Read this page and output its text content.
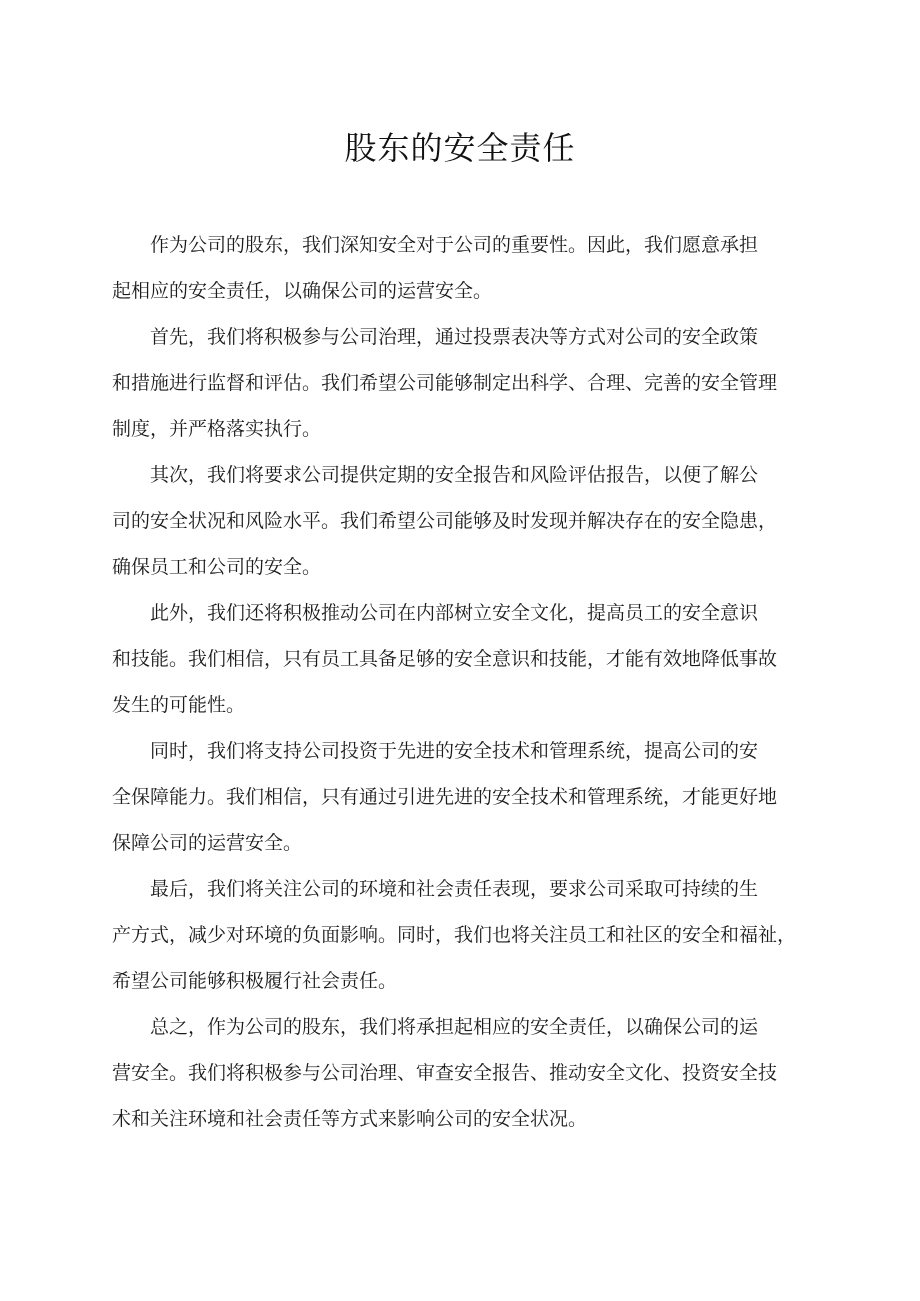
股东的安全责任
作为公司的股东，我们深知安全对于公司的重要性。因此，我们愿意承担
起相应的安全责任，以确保公司的运营安全。
首先，我们将积极参与公司治理，通过投票表决等方式对公司的安全政策
和措施进行监督和评估。我们希望公司能够制定出科学、合理、完善的安全管理
制度，并严格落实执行。
其次，我们将要求公司提供定期的安全报告和风险评估报告，以便了解公
司的安全状况和风险水平。我们希望公司能够及时发现并解决存在的安全隐患，
确保员工和公司的安全。
此外，我们还将积极推动公司在内部树立安全文化，提高员工的安全意识
和技能。我们相信，只有员工具备足够的安全意识和技能，才能有效地降低事故
发生的可能性。
同时，我们将支持公司投资于先进的安全技术和管理系统，提高公司的安
全保障能力。我们相信，只有通过引进先进的安全技术和管理系统，才能更好地
保障公司的运营安全。
最后，我们将关注公司的环境和社会责任表现，要求公司采取可持续的生
产方式，减少对环境的负面影响。同时，我们也将关注员工和社区的安全和福祉，
希望公司能够积极履行社会责任。
总之，作为公司的股东，我们将承担起相应的安全责任，以确保公司的运
营安全。我们将积极参与公司治理、审查安全报告、推动安全文化、投资安全技
术和关注环境和社会责任等方式来影响公司的安全状况。
